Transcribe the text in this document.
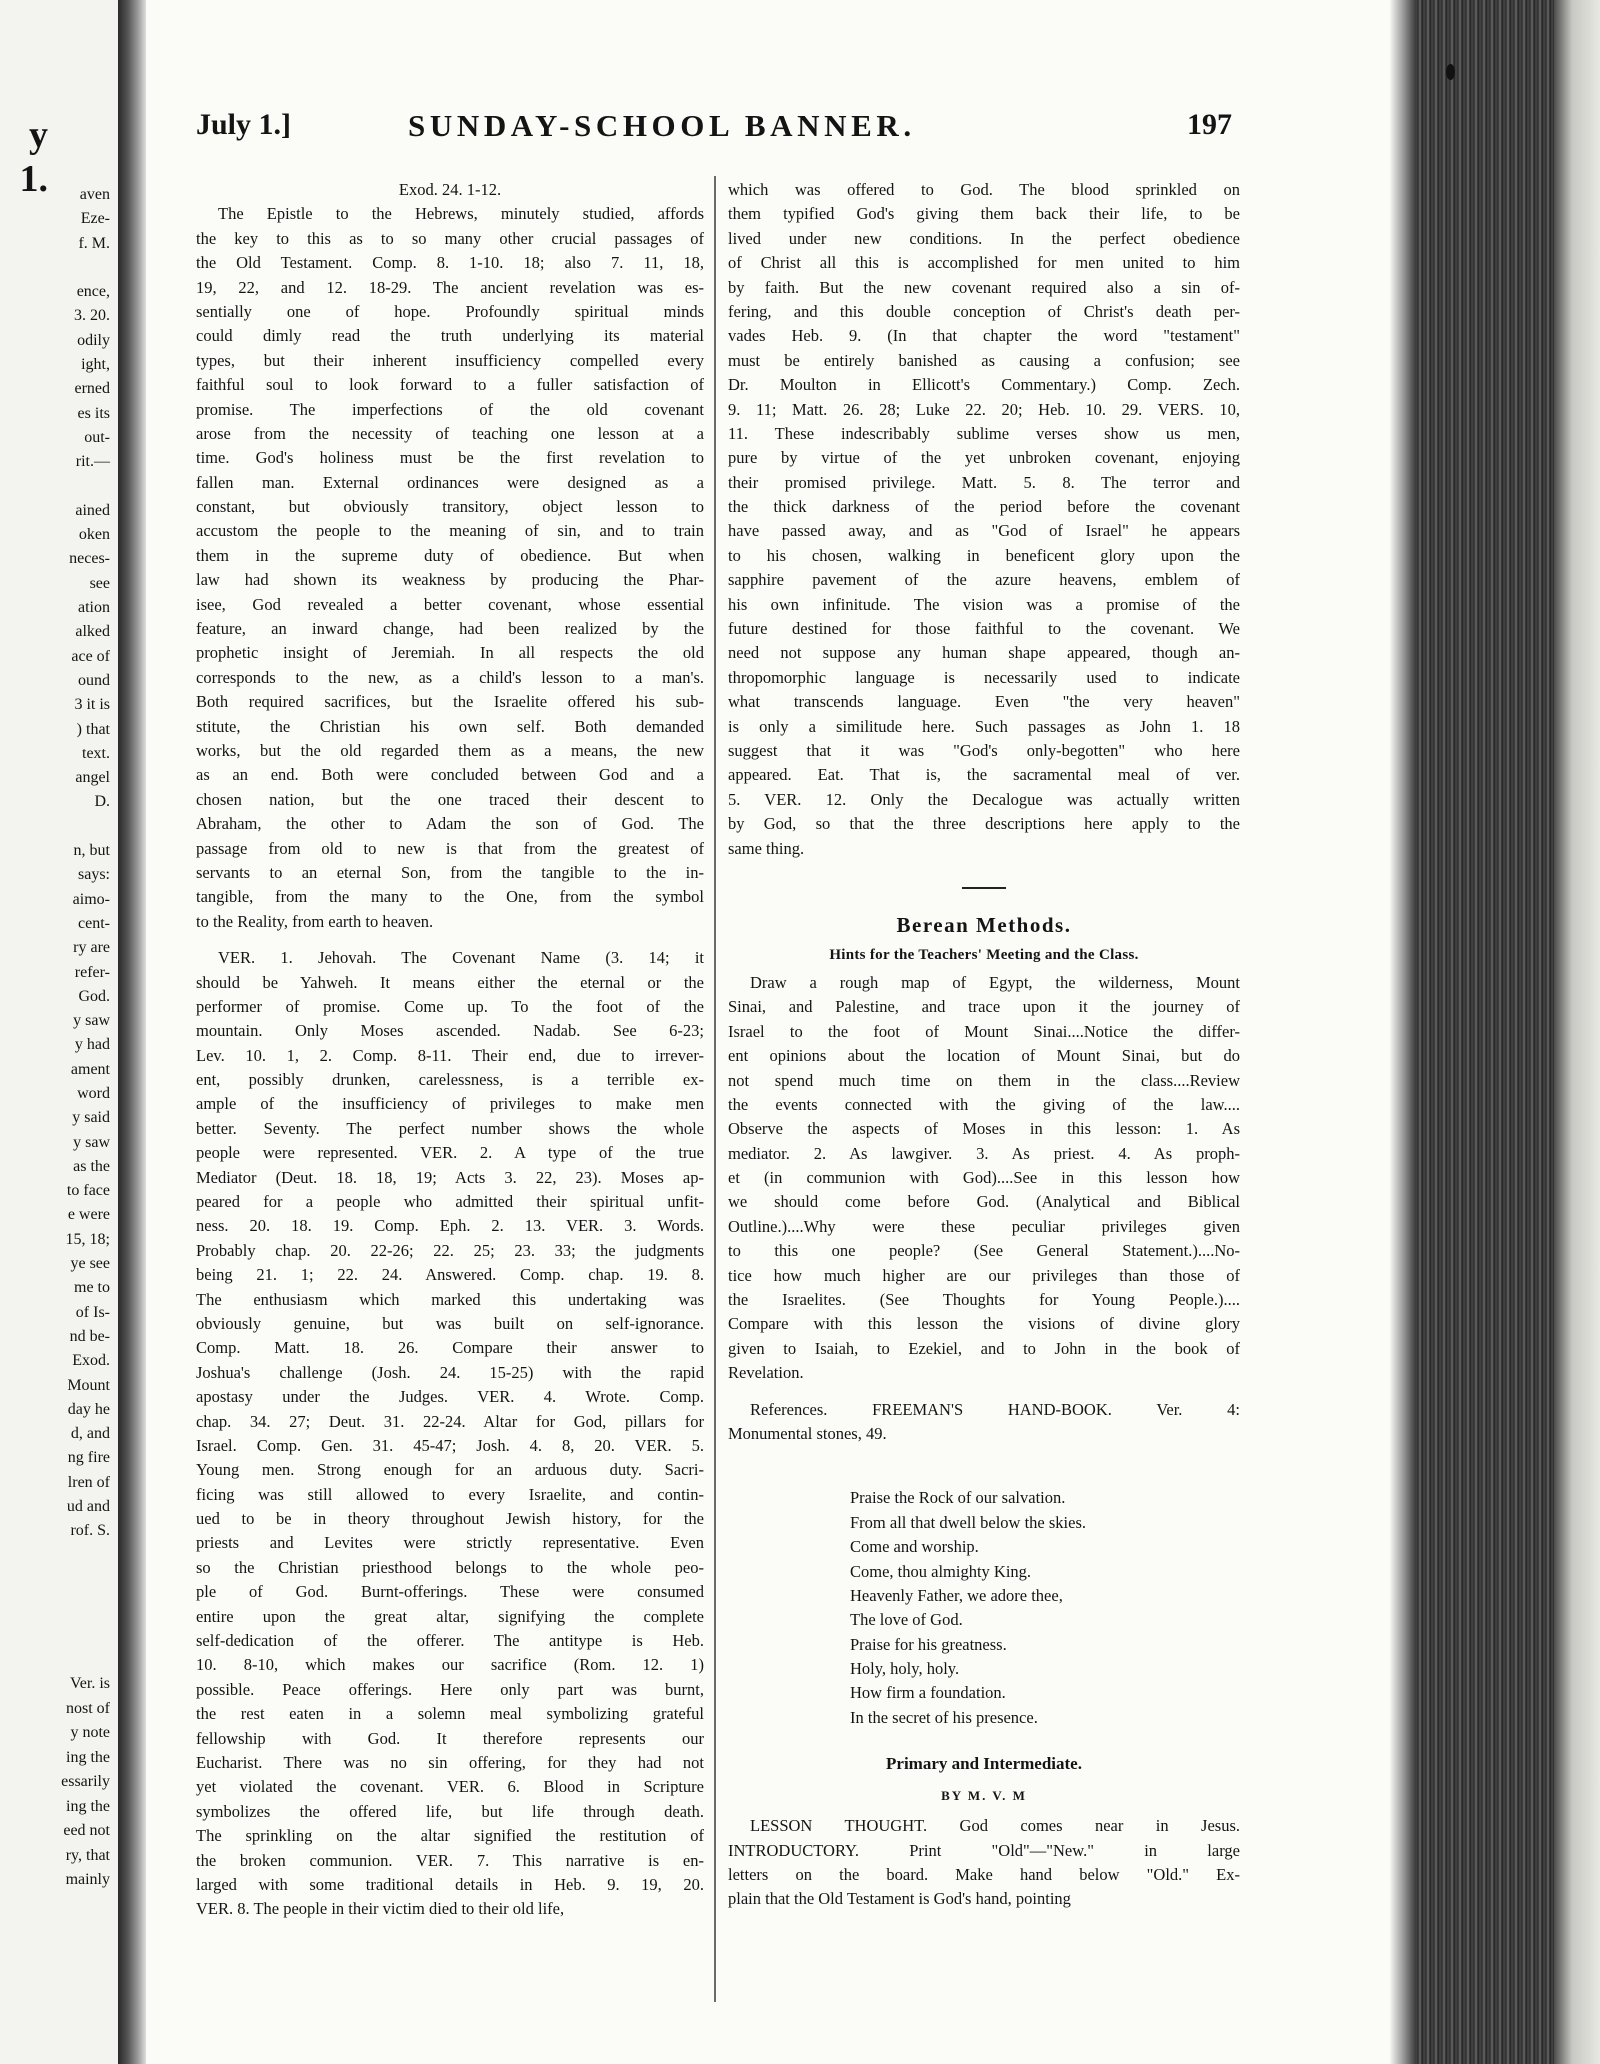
y 1.	aven
Eze-
f. M.

ence,
3. 20.
odily
ight,
erned
es its
out-
rit.—

ained
oken
neces-
see
ation
alked
ace of
ound
3 it is
) that
text.
angel
D.

n, but
says:
aimo-
cent-
ry are
refer-
God.
y saw
y had
ament
word
y said
y saw
as the
to face
e were
15, 18;
ye see
me to
of Is-
nd be-
Exod.
Mount
day he
d, and
ng fire
lren of
ud and
rof. S.
Ver. is
nost of
y note
ing the
essarily
ing the
eed not
ry, that
mainly
July 1.]	SUNDAY-SCHOOL BANNER.	197
Exod. 24. 1-12.
The Epistle to the Hebrews, minutely studied, affords
the key to this as to so many other crucial passages of
the Old Testament. Comp. 8. 1-10. 18; also 7. 11, 18,
19, 22, and 12. 18-29. The ancient revelation was es-
sentially one of hope. Profoundly spiritual minds
could dimly read the truth underlying its material
types, but their inherent insufficiency compelled every
faithful soul to look forward to a fuller satisfaction of
promise. The imperfections of the old covenant
arose from the necessity of teaching one lesson at a
time. God's holiness must be the first revelation to
fallen man. External ordinances were designed as a
constant, but obviously transitory, object lesson to
accustom the people to the meaning of sin, and to train
them in the supreme duty of obedience. But when
law had shown its weakness by producing the Phar-
isee, God revealed a better covenant, whose essential
feature, an inward change, had been realized by the
prophetic insight of Jeremiah. In all respects the old
corresponds to the new, as a child's lesson to a man's.
Both required sacrifices, but the Israelite offered his sub-
stitute, the Christian his own self. Both demanded
works, but the old regarded them as a means, the new
as an end. Both were concluded between God and a
chosen nation, but the one traced their descent to
Abraham, the other to Adam the son of God. The
passage from old to new is that from the greatest of
servants to an eternal Son, from the tangible to the in-
tangible, from the many to the One, from the symbol
to the Reality, from earth to heaven.
VER. 1. Jehovah. The Covenant Name (3. 14; it
should be Yahweh. It means either the eternal or the
performer of promise. Come up. To the foot of the
mountain. Only Moses ascended. Nadab. See 6-23;
Lev. 10. 1, 2. Comp. 8-11. Their end, due to irrever-
ent, possibly drunken, carelessness, is a terrible ex-
ample of the insufficiency of privileges to make men
better. Seventy. The perfect number shows the whole
people were represented. VER. 2. A type of the true
Mediator (Deut. 18. 18, 19; Acts 3. 22, 23). Moses ap-
peared for a people who admitted their spiritual unfit-
ness. 20. 18. 19. Comp. Eph. 2. 13. VER. 3. Words.
Probably chap. 20. 22-26; 22. 25; 23. 33; the judgments
being 21. 1; 22. 24. Answered. Comp. chap. 19. 8.
The enthusiasm which marked this undertaking was
obviously genuine, but was built on self-ignorance.
Comp. Matt. 18. 26. Compare their answer to
Joshua's challenge (Josh. 24. 15-25) with the rapid
apostasy under the Judges. VER. 4. Wrote. Comp.
chap. 34. 27; Deut. 31. 22-24. Altar for God, pillars for
Israel. Comp. Gen. 31. 45-47; Josh. 4. 8, 20. VER. 5.
Young men. Strong enough for an arduous duty. Sacri-
ficing was still allowed to every Israelite, and contin-
ued to be in theory throughout Jewish history, for the
priests and Levites were strictly representative. Even
so the Christian priesthood belongs to the whole peo-
ple of God. Burnt-offerings. These were consumed
entire upon the great altar, signifying the complete
self-dedication of the offerer. The antitype is Heb.
10. 8-10, which makes our sacrifice (Rom. 12. 1)
possible. Peace offerings. Here only part was burnt,
the rest eaten in a solemn meal symbolizing grateful
fellowship with God. It therefore represents our
Eucharist. There was no sin offering, for they had not
yet violated the covenant. VER. 6. Blood in Scripture
symbolizes the offered life, but life through death.
The sprinkling on the altar signified the restitution of
the broken communion. VER. 7. This narrative is en-
larged with some traditional details in Heb. 9. 19, 20.
VER. 8. The people in their victim died to their old life,
which was offered to God. The blood sprinkled on
them typified God's giving them back their life, to be
lived under new conditions. In the perfect obedience
of Christ all this is accomplished for men united to him
by faith. But the new covenant required also a sin of-
fering, and this double conception of Christ's death per-
vades Heb. 9. (In that chapter the word "testament"
must be entirely banished as causing a confusion; see
Dr. Moulton in Ellicott's Commentary.) Comp. Zech.
9. 11; Matt. 26. 28; Luke 22. 20; Heb. 10. 29. VERS. 10,
11. These indescribably sublime verses show us men,
pure by virtue of the yet unbroken covenant, enjoying
their promised privilege. Matt. 5. 8. The terror and
the thick darkness of the period before the covenant
have passed away, and as "God of Israel" he appears
to his chosen, walking in beneficent glory upon the
sapphire pavement of the azure heavens, emblem of
his own infinitude. The vision was a promise of the
future destined for those faithful to the covenant. We
need not suppose any human shape appeared, though an-
thropomorphic language is necessarily used to indicate
what transcends language. Even "the very heaven"
is only a similitude here. Such passages as John 1. 18
suggest that it was "God's only-begotten" who here
appeared. Eat. That is, the sacramental meal of ver.
5. VER. 12. Only the Decalogue was actually written
by God, so that the three descriptions here apply to the
same thing.
Berean Methods.
Hints for the Teachers' Meeting and the Class.
Draw a rough map of Egypt, the wilderness, Mount
Sinai, and Palestine, and trace upon it the journey of
Israel to the foot of Mount Sinai....Notice the differ-
ent opinions about the location of Mount Sinai, but do
not spend much time on them in the class....Review
the events connected with the giving of the law....
Observe the aspects of Moses in this lesson: 1. As
mediator. 2. As lawgiver. 3. As priest. 4. As proph-
et (in communion with God)....See in this lesson how
we should come before God. (Analytical and Biblical
Outline.)....Why were these peculiar privileges given
to this one people? (See General Statement.)....No-
tice how much higher are our privileges than those of
the Israelites. (See Thoughts for Young People.)....
Compare with this lesson the visions of divine glory
given to Isaiah, to Ezekiel, and to John in the book of
Revelation.
References. FREEMAN'S HAND-BOOK. Ver. 4:
Monumental stones, 49.
Praise the Rock of our salvation.
From all that dwell below the skies.
Come and worship.
Come, thou almighty King.
Heavenly Father, we adore thee,
The love of God.
Praise for his greatness.
Holy, holy, holy.
How firm a foundation.
In the secret of his presence.
Primary and Intermediate.
BY M. V. M
LESSON THOUGHT. God comes near in Jesus.
INTRODUCTORY. Print "Old"—"New." in large
letters on the board. Make hand below "Old." Ex-
plain that the Old Testament is God's hand, pointing
